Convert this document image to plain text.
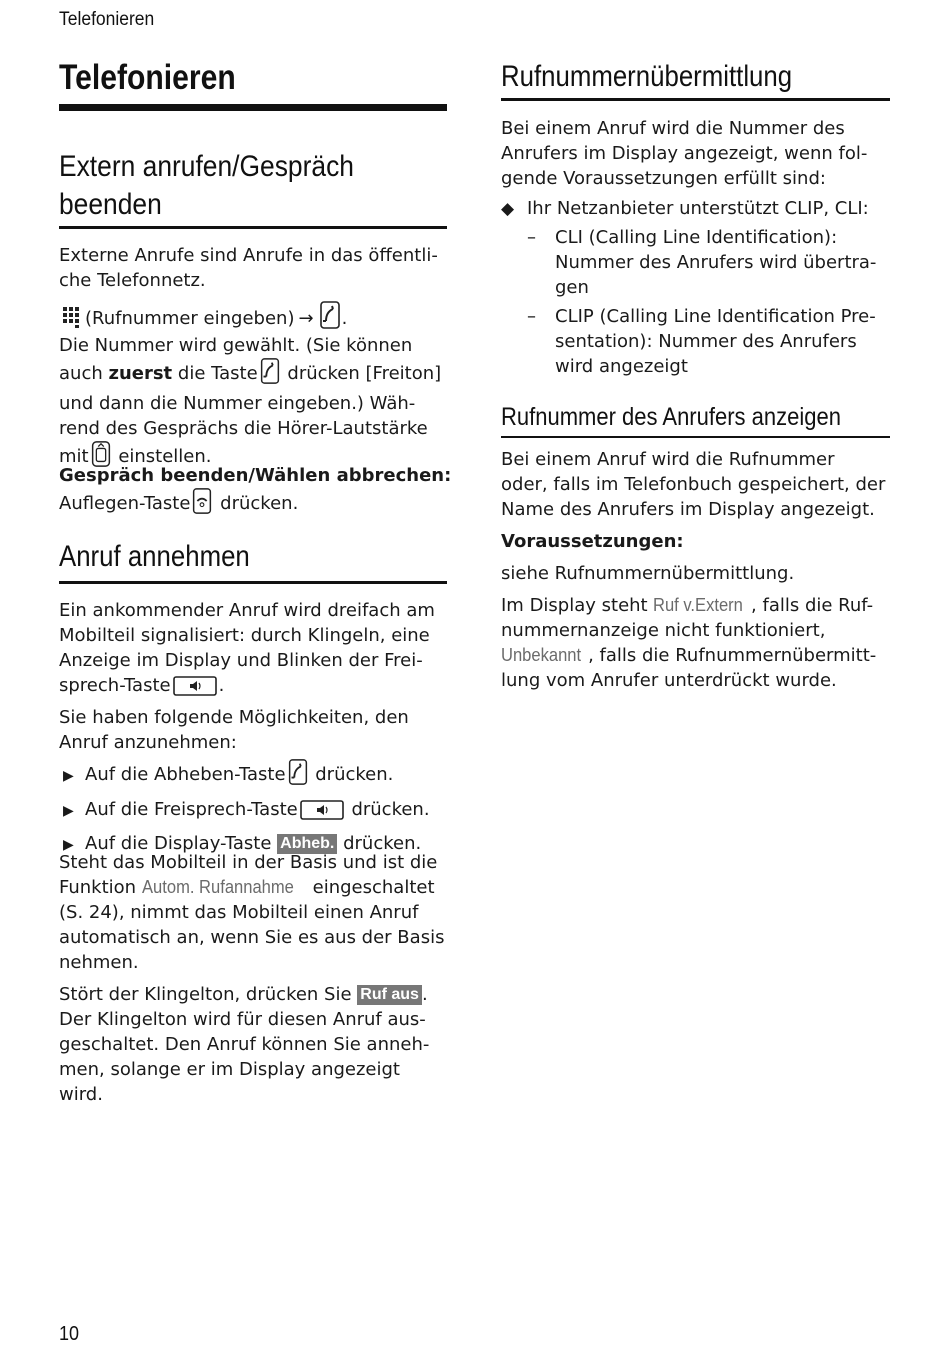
Telefonieren
Telefonieren
Extern anrufen/Gespräch
beenden
Externe Anrufe sind Anrufe in das öffentli-
che Telefonnetz.
(Rufnummer eingeben) → .
Die Nummer wird gewählt. (Sie können
auch zuerst die Taste drücken [Freiton]
und dann die Nummer eingeben.) Wäh-
rend des Gesprächs die Hörer-Lautstärke
mit einstellen.
Gespräch beenden/Wählen abbrechen:
Auflegen-Taste drücken.
Anruf annehmen
Ein ankommender Anruf wird dreifach am
Mobilteil signalisiert: durch Klingeln, eine
Anzeige im Display und Blinken der Frei-
sprech-Taste	.
Sie haben folgende Möglichkeiten, den
Anruf anzunehmen:
▶ Auf die Abheben-Taste drücken.
▶ Auf die Freisprech-Taste	drücken.
▶ Auf die Display-Taste Abheb. drücken.
Steht das Mobilteil in der Basis und ist die
Funktion Autom. Rufannahme eingeschaltet
(S. 24), nimmt das Mobilteil einen Anruf
automatisch an, wenn Sie es aus der Basis
nehmen.
Stört der Klingelton, drücken Sie Ruf aus .
Der Klingelton wird für diesen Anruf aus-
geschaltet. Den Anruf können Sie anneh-
men, solange er im Display angezeigt
wird.
Rufnummernübermittlung
Bei einem Anruf wird die Nummer des
Anrufers im Display angezeigt, wenn fol-
gende Voraussetzungen erfüllt sind:
◆ Ihr Netzanbieter unterstützt CLIP, CLI:
– CLI (Calling Line Identification):
Nummer des Anrufers wird übertra-
gen
– CLIP (Calling Line Identification Pre-
sentation): Nummer des Anrufers
wird angezeigt
Rufnummer des Anrufers anzeigen
Bei einem Anruf wird die Rufnummer
oder, falls im Telefonbuch gespeichert, der
Name des Anrufers im Display angezeigt.
Voraussetzungen:
siehe Rufnummernübermittlung.
Im Display steht Ruf v.Extern , falls die Ruf-
nummernanzeige nicht funktioniert,
Unbekannt , falls die Rufnummernübermitt-
lung vom Anrufer unterdrückt wurde.
10
